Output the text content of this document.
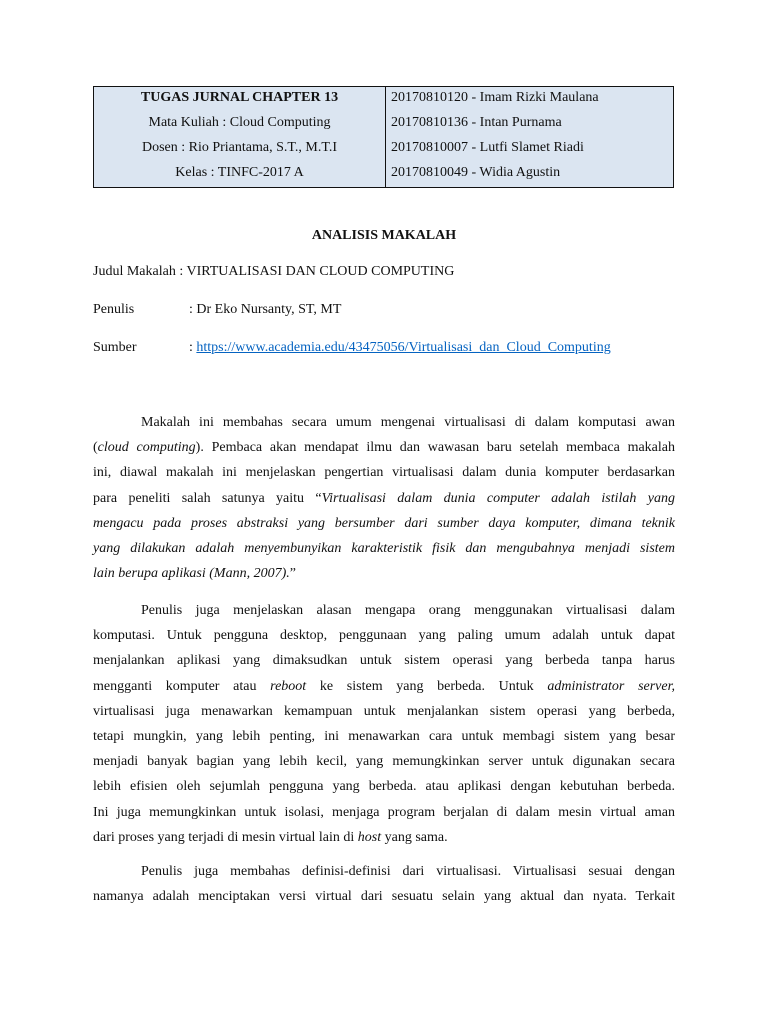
TUGAS JURNAL CHAPTER 13
Mata Kuliah : Cloud Computing
Dosen : Rio Priantama, S.T., M.T.I
Kelas : TINFC-2017 A
20170810120 - Imam Rizki Maulana
20170810136 - Intan Purnama
20170810007 - Lutfi Slamet Riadi
20170810049 - Widia Agustin
ANALISIS MAKALAH
Judul Makalah : VIRTUALISASI DAN CLOUD COMPUTING
Penulis	: Dr Eko Nursanty, ST, MT
Sumber	: https://www.academia.edu/43475056/Virtualisasi_dan_Cloud_Computing
Makalah ini membahas secara umum mengenai virtualisasi di dalam komputasi awan
(cloud computing). Pembaca akan mendapat ilmu dan wawasan baru setelah membaca makalah
ini, diawal makalah ini menjelaskan pengertian virtualisasi dalam dunia komputer berdasarkan
para peneliti salah satunya yaitu “Virtualisasi dalam dunia computer adalah istilah yang
mengacu pada proses abstraksi yang bersumber dari sumber daya komputer, dimana teknik
yang dilakukan adalah menyembunyikan karakteristik fisik dan mengubahnya menjadi sistem
lain berupa aplikasi (Mann, 2007).”
Penulis juga menjelaskan alasan mengapa orang menggunakan virtualisasi dalam
komputasi. Untuk pengguna desktop, penggunaan yang paling umum adalah untuk dapat
menjalankan aplikasi yang dimaksudkan untuk sistem operasi yang berbeda tanpa harus
mengganti komputer atau reboot ke sistem yang berbeda. Untuk administrator server,
virtualisasi juga menawarkan kemampuan untuk menjalankan sistem operasi yang berbeda,
tetapi mungkin, yang lebih penting, ini menawarkan cara untuk membagi sistem yang besar
menjadi banyak bagian yang lebih kecil, yang memungkinkan server untuk digunakan secara
lebih efisien oleh sejumlah pengguna yang berbeda. atau aplikasi dengan kebutuhan berbeda.
Ini juga memungkinkan untuk isolasi, menjaga program berjalan di dalam mesin virtual aman
dari proses yang terjadi di mesin virtual lain di host yang sama.
Penulis juga membahas definisi-definisi dari virtualisasi. Virtualisasi sesuai dengan
namanya adalah menciptakan versi virtual dari sesuatu selain yang aktual dan nyata. Terkait
